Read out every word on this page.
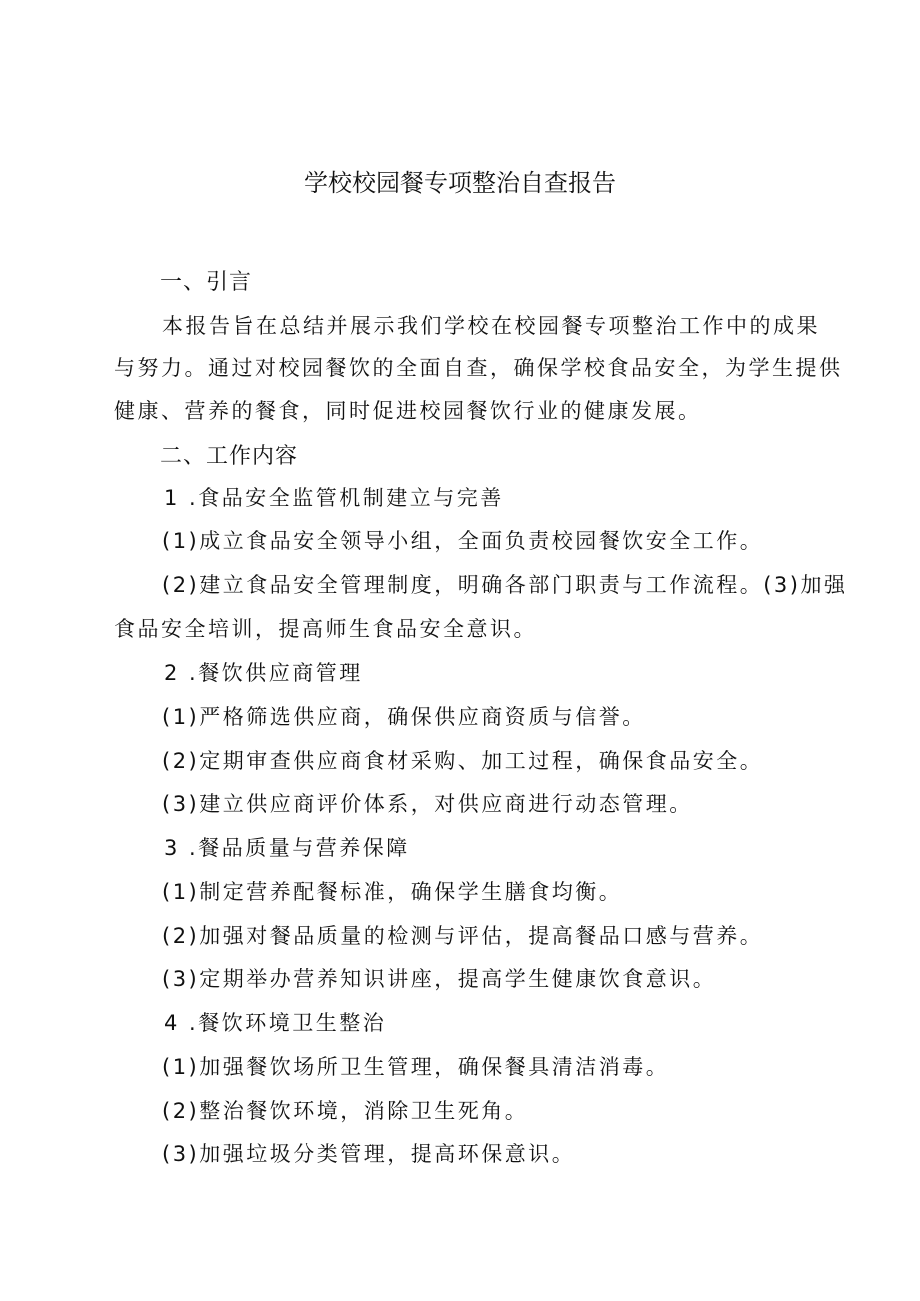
学校校园餐专项整治自查报告
一、引言
本报告旨在总结并展示我们学校在校园餐专项整治工作中的成果
与努力。通过对校园餐饮的全面自查，确保学校食品安全，为学生提供
健康、营养的餐食，同时促进校园餐饮行业的健康发展。
二、工作内容
1 .食品安全监管机制建立与完善
(1)成立食品安全领导小组，全面负责校园餐饮安全工作。
(2)建立食品安全管理制度，明确各部门职责与工作流程。(3)加强
食品安全培训，提高师生食品安全意识。
2 .餐饮供应商管理
(1)严格筛选供应商，确保供应商资质与信誉。
(2)定期审查供应商食材采购、加工过程，确保食品安全。
(3)建立供应商评价体系，对供应商进行动态管理。
3 .餐品质量与营养保障
(1)制定营养配餐标准，确保学生膳食均衡。
(2)加强对餐品质量的检测与评估，提高餐品口感与营养。
(3)定期举办营养知识讲座，提高学生健康饮食意识。
4 .餐饮环境卫生整治
(1)加强餐饮场所卫生管理，确保餐具清洁消毒。
(2)整治餐饮环境，消除卫生死角。
(3)加强垃圾分类管理，提高环保意识。
